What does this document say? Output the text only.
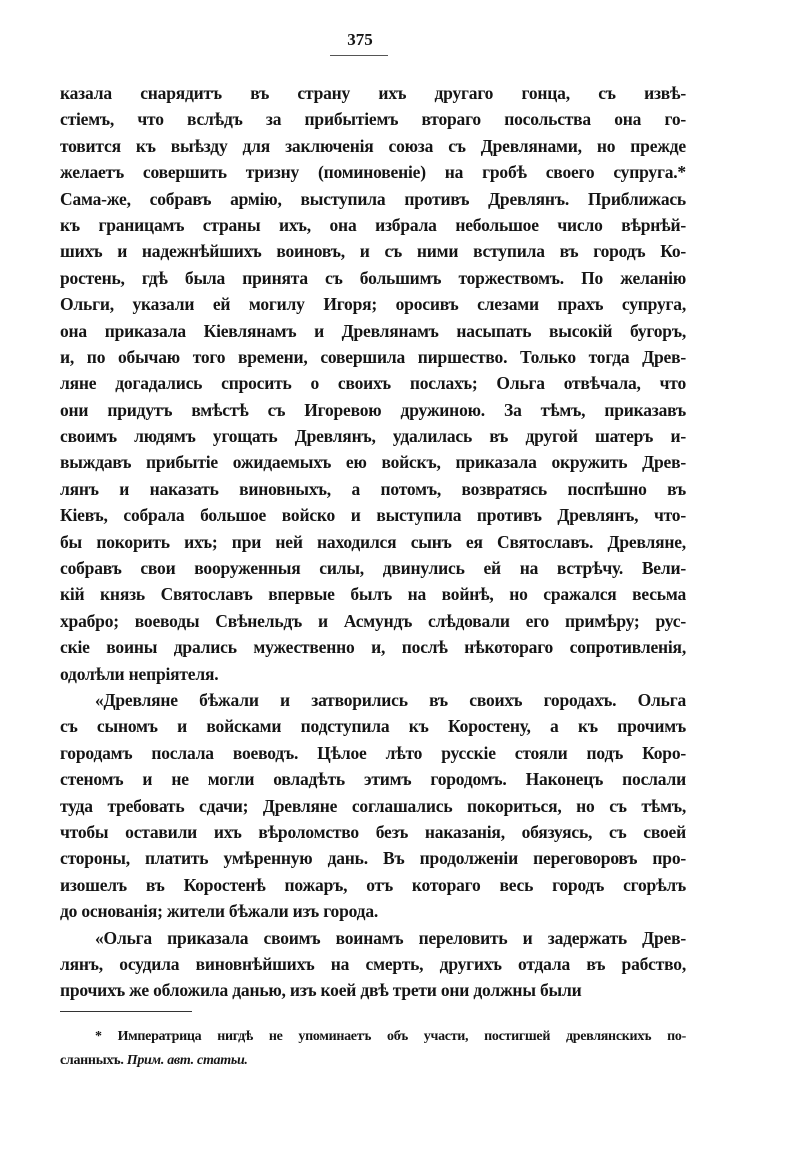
375
казала снарядитъ въ страну ихъ другаго гонца, съ извѣ-
стіемъ, что вслѣдъ за прибытіемъ втораго посольства она го-
товится къ выѣзду для заключенія союза съ Древлянами, но прежде
желаетъ совершить тризну (поминовеніе) на гробѣ своего супруга.*
Сама-же, собравъ армію, выступила противъ Древлянъ. Приближась
къ границамъ страны ихъ, она избрала небольшое число вѣрнѣй-
шихъ и надежнѣйшихъ воиновъ, и съ ними вступила въ городъ Ко-
ростень, гдѣ была принята съ большимъ торжествомъ. По желанію
Ольги, указали ей могилу Игоря; оросивъ слезами прахъ супруга,
она приказала Кіевлянамъ и Древлянамъ насыпать высокій бугоръ,
и, по обычаю того времени, совершила пиршество. Только тогда Древ-
ляне догадались спросить о своихъ послахъ; Ольга отвѣчала, что
они придутъ вмѣстѣ съ Игоревою дружиною. За тѣмъ, приказавъ
своимъ людямъ угощать Древлянъ, удалилась въ другой шатеръ и-
выждавъ прибытіе ожидаемыхъ ею войскъ, приказала окружить Древ-
лянъ и наказать виновныхъ, а потомъ, возвратясь поспѣшно въ
Кіевъ, собрала большое войско и выступила противъ Древлянъ, что-
бы покорить ихъ; при ней находился сынъ ея Святославъ. Древляне,
собравъ свои вооруженныя силы, двинулись ей на встрѣчу. Вели-
кій князь Святославъ впервые былъ на войнѣ, но сражался весьма
храбро; воеводы Свѣнельдъ и Асмундъ слѣдовали его примѣру; рус-
скіе воины дрались мужественно и, послѣ нѣкотораго сопротивленія,
одолѣли непріятеля.
«Древляне бѣжали и затворились въ своихъ городахъ. Ольга
съ сыномъ и войсками подступила къ Коростену, а къ прочимъ
городамъ послала воеводъ. Цѣлое лѣто русскіе стояли подъ Коро-
стеномъ и не могли овладѣть этимъ городомъ. Наконецъ послали
туда требовать сдачи; Древляне соглашались покориться, но съ тѣмъ,
чтобы оставили ихъ вѣроломство безъ наказанія, обязуясь, съ своей
стороны, платить умѣренную дань. Въ продолженіи переговоровъ про-
изошелъ въ Коростенѣ пожаръ, отъ котораго весь городъ сгорѣлъ
до основанія; жители бѣжали изъ города.
«Ольга приказала своимъ воинамъ переловить и задержать Древ-
лянъ, осудила виновнѣйшихъ на смерть, другихъ отдала въ рабство,
прочихъ же обложила данью, изъ коей двѣ трети они должны были
* Императрица нигдѣ не упоминаетъ объ участи, постигшей древлянскихъ по-
сланныхъ. Прим. авт. статьи.
